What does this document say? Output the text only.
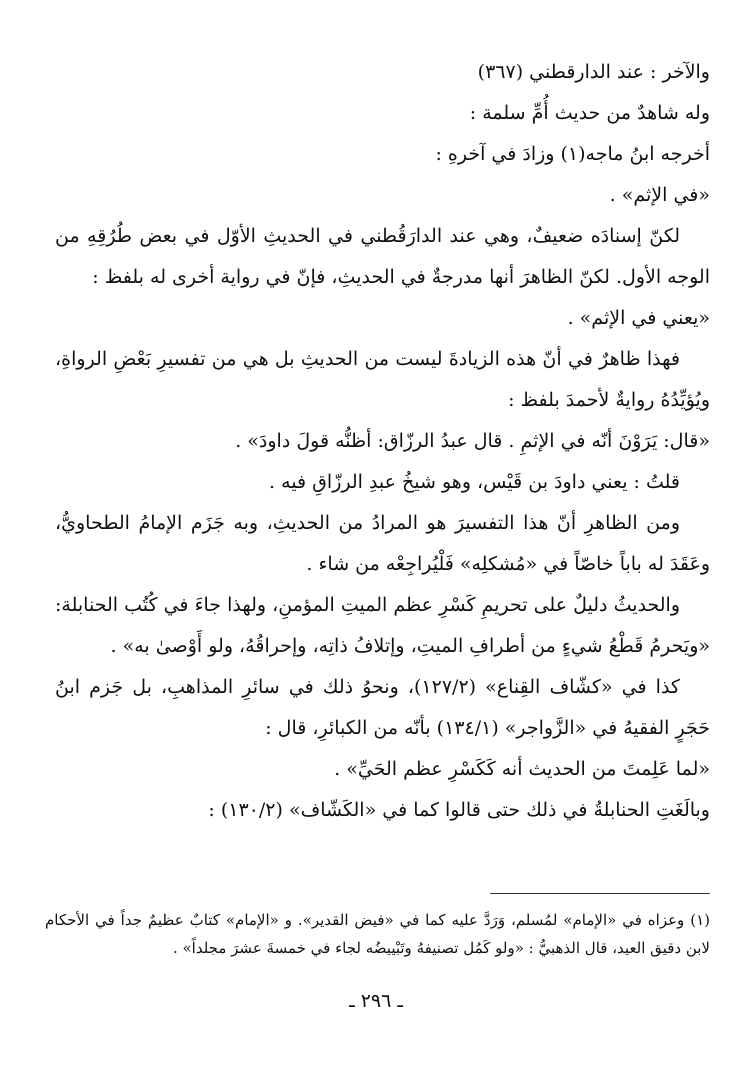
والآخر : عند الدارقطني (٣٦٧)

وله شاهدٌ من حديث أُمِّ سلمة :

أخرجه ابنُ ماجه(١) وزادَ في آخرهِ :

«في الإثم» .

لكنّ إسنادَه ضعيفٌ، وهي عند الدارَقُطني في الحديثِ الأوّل في بعض طُرُقِهِ من الوجه الأول. لكنّ الظاهرَ أنها مدرجةٌ في الحديثِ، فإنّ في رواية أخرى له بلفظ :

«يعني في الإثم» .

فهذا ظاهرٌ في أنّ هذه الزيادةَ ليست من الحديثِ بل هي من تفسيرِ بَعْضِ الرواةِ، ويُؤيِّدُهُ روايةٌ لأحمدَ بلفظ :

«قال: يَرَوْنَ أنّه في الإثمِ . قال عبدُ الرزّاق: أظنُّه قولَ داودَ» .

قلتُ : يعني داودَ بن قَيْس، وهو شيخُ عبدِ الرزّاقِ فيه .

ومن الظاهرِ أنّ هذا التفسيرَ هو المرادُ من الحديثِ، وبه جَزَم الإمامُ الطحاويُّ، وعَقَدَ له باباً خاصّاً في «مُشكلِه» فَلْيُراجِعْه من شاء .

والحديثُ دليلٌ على تحريمِ كَسْرِ عظم الميتِ المؤمنِ، ولهذا جاءَ في كُتُب الحنابلة: «ويَحرمُ قَطْعُ شيءٍ من أطرافِ الميتِ، وإتلافُ ذاتِه، وإحراقُهُ، ولو أَوْصىٰ به» .

كذا في «كشّاف القِناع» (١٢٧/٢)، ونحوُ ذلك في سائرِ المذاهبِ، بل جَزم ابنُ حَجَرٍ الفقيهُ في «الزَّواجر» (١٣٤/١) بأنّه من الكبائرِ، قال :

«لما عَلِمتَ من الحديث أنه كَكَسْرِ عظم الحَيِّ» .

وبالَغَتِ الحنابلةُ في ذلك حتى قالوا كما في «الكَشّاف» (١٣٠/٢) :

(١) وعزاه في «الإمام» لمُسلم، وَرَدَّ عليه كما في «فيض القدير». و «الإمام» كتابٌ عظيمٌ جداً في الأحكام لابن دقيق العيد، قال الذهبيُّ : «ولو كَمُل تصنيفهُ وتَبْييضُه لجاء في خمسةَ عشرَ مجلداً» .

ـ ٢٩٦ ـ
